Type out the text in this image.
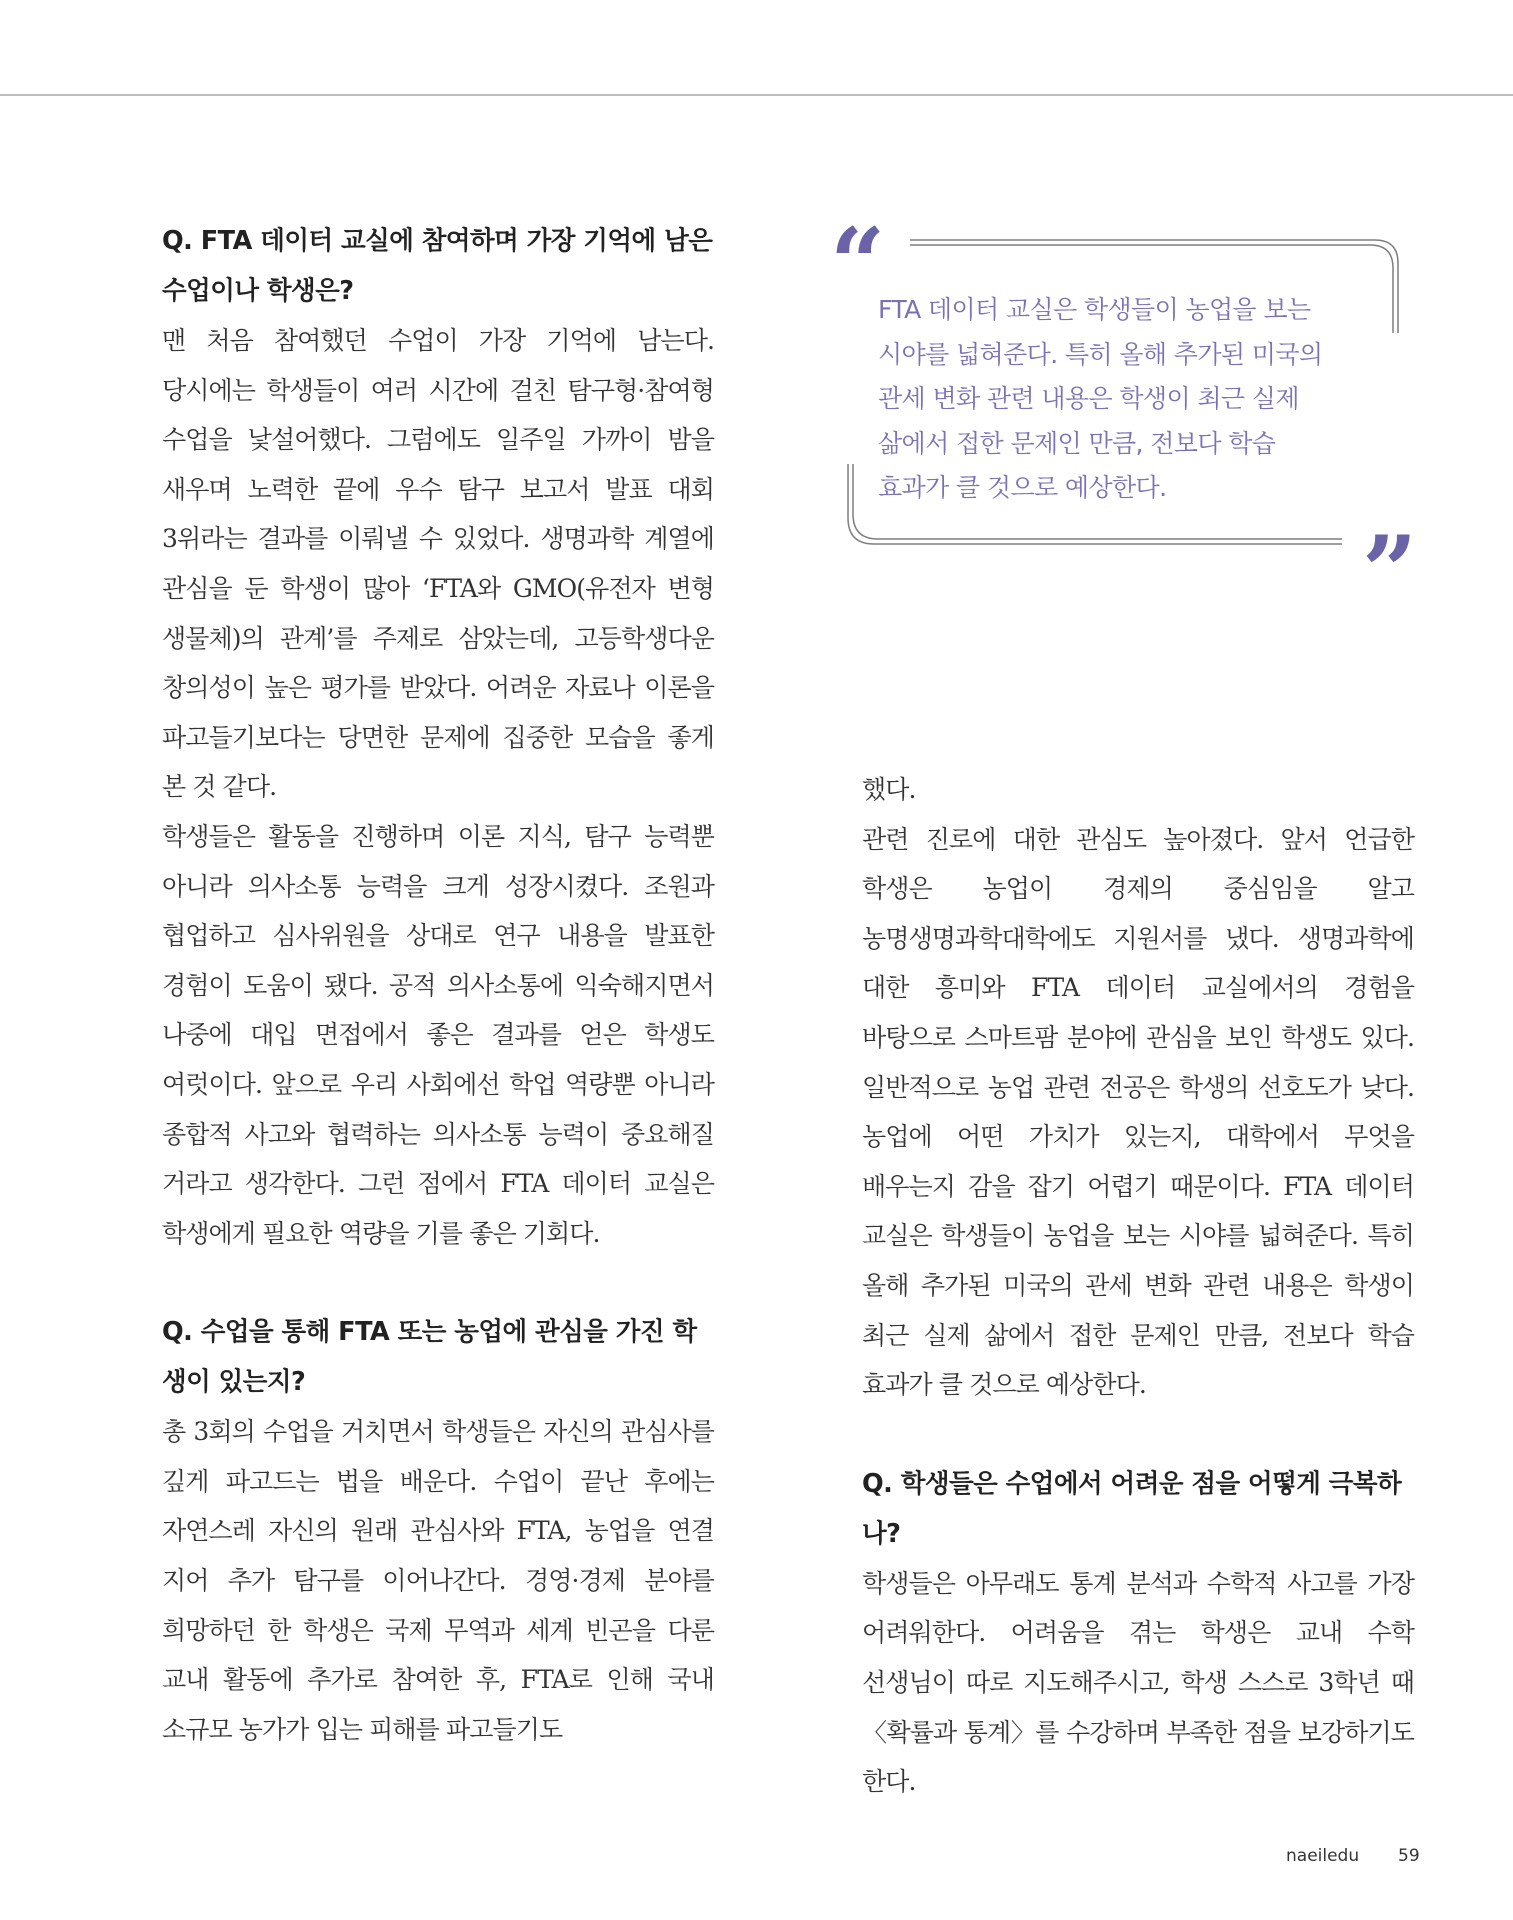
Q. FTA 데이터 교실에 참여하며 가장 기억에 남은 수업이나 학생은?

맨 처음 참여했던 수업이 가장 기억에 남는다. 당시에는 학생들이 여러 시간에 걸친 탐구형·참여형 수업을 낯설어했다. 그럼에도 일주일 가까이 밤을 새우며 노력한 끝에 우수 탐구 보고서 발표 대회 3위라는 결과를 이뤄낼 수 있었다. 생명과학 계열에 관심을 둔 학생이 많아 ‘FTA와 GMO(유전자 변형 생물체)의 관계’를 주제로 삼았는데, 고등학생다운 창의성이 높은 평가를 받았다. 어려운 자료나 이론을 파고들기보다는 당면한 문제에 집중한 모습을 좋게 본 것 같다.

학생들은 활동을 진행하며 이론 지식, 탐구 능력뿐 아니라 의사소통 능력을 크게 성장시켰다. 조원과 협업하고 심사위원을 상대로 연구 내용을 발표한 경험이 도움이 됐다. 공적 의사소통에 익숙해지면서 나중에 대입 면접에서 좋은 결과를 얻은 학생도 여럿이다. 앞으로 우리 사회에선 학업 역량뿐 아니라 종합적 사고와 협력하는 의사소통 능력이 중요해질 거라고 생각한다. 그런 점에서 FTA 데이터 교실은 학생에게 필요한 역량을 기를 좋은 기회다.

Q. 수업을 통해 FTA 또는 농업에 관심을 가진 학생이 있는지?

총 3회의 수업을 거치면서 학생들은 자신의 관심사를 깊게 파고드는 법을 배운다. 수업이 끝난 후에는 자연스레 자신의 원래 관심사와 FTA, 농업을 연결 지어 추가 탐구를 이어나간다. 경영·경제 분야를 희망하던 한 학생은 국제 무역과 세계 빈곤을 다룬 교내 활동에 추가로 참여한 후, FTA로 인해 국내 소규모 농가가 입는 피해를 파고들기도

“

FTA 데이터 교실은 학생들이 농업을 보는 시야를 넓혀준다. 특히 올해 추가된 미국의 관세 변화 관련 내용은 학생이 최근 실제 삶에서 접한 문제인 만큼, 전보다 학습 효과가 클 것으로 예상한다.

”

했다.

관련 진로에 대한 관심도 높아졌다. 앞서 언급한 학생은 농업이 경제의 중심임을 알고 농명생명과학대학에도 지원서를 냈다. 생명과학에 대한 흥미와 FTA 데이터 교실에서의 경험을 바탕으로 스마트팜 분야에 관심을 보인 학생도 있다. 일반적으로 농업 관련 전공은 학생의 선호도가 낮다. 농업에 어떤 가치가 있는지, 대학에서 무엇을 배우는지 감을 잡기 어렵기 때문이다. FTA 데이터 교실은 학생들이 농업을 보는 시야를 넓혀준다. 특히 올해 추가된 미국의 관세 변화 관련 내용은 학생이 최근 실제 삶에서 접한 문제인 만큼, 전보다 학습 효과가 클 것으로 예상한다.

Q. 학생들은 수업에서 어려운 점을 어떻게 극복하나?

학생들은 아무래도 통계 분석과 수학적 사고를 가장 어려워한다. 어려움을 겪는 학생은 교내 수학 선생님이 따로 지도해주시고, 학생 스스로 3학년 때 〈확률과 통계〉를 수강하며 부족한 점을 보강하기도 한다.

naeiledu 59
